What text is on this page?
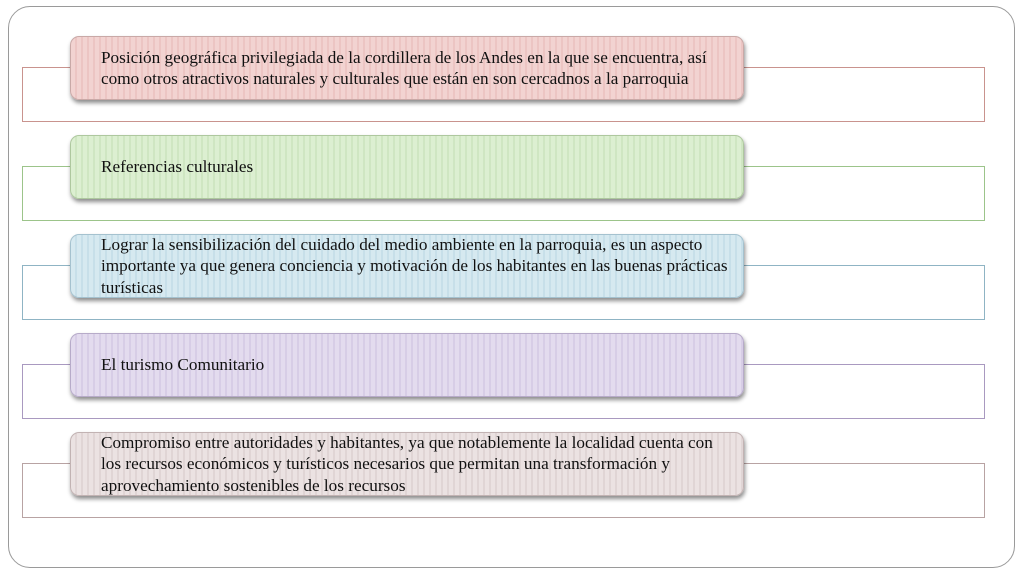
Posición geográfica privilegiada de la cordillera de los Andes en la que se encuentra, así como otros atractivos naturales y culturales que están en son cercadnos a la parroquia
Referencias culturales
Lograr la sensibilización del cuidado del medio ambiente en la parroquia, es un aspecto importante ya que genera conciencia y motivación de los habitantes en las buenas prácticas turísticas
El turismo Comunitario
Compromiso entre autoridades y habitantes, ya que notablemente la localidad cuenta con los recursos económicos y turísticos necesarios que permitan una transformación y aprovechamiento sostenibles de los recursos
